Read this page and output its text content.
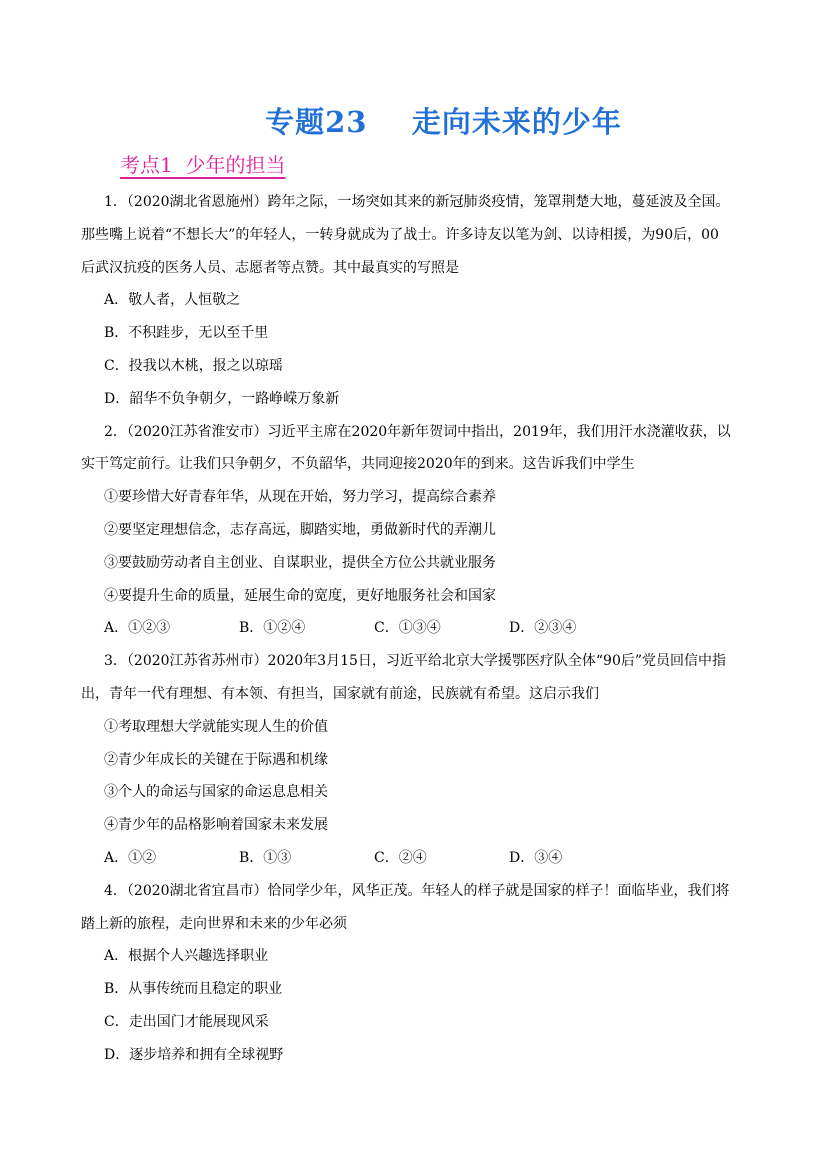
专题23    走向未来的少年
考点1  少年的担当
1．（2020湖北省恩施州）跨年之际，一场突如其来的新冠肺炎疫情，笼罩荆楚大地，蔓延波及全国。
那些嘴上说着“不想长大”的年轻人，一转身就成为了战士。许多诗友以笔为剑、以诗相援，为90后，00
后武汉抗疫的医务人员、志愿者等点赞。其中最真实的写照是
A．敬人者，人恒敬之
B．不积跬步，无以至千里
C．投我以木桃，报之以琼瑶
D．韶华不负争朝夕，一路峥嵘万象新
2．（2020江苏省淮安市）习近平主席在2020年新年贺词中指出，2019年，我们用汗水浇灌收获，以
实干笃定前行。让我们只争朝夕，不负韶华，共同迎接2020年的到来。这告诉我们中学生
①要珍惜大好青春年华，从现在开始，努力学习，提高综合素养
②要坚定理想信念，志存高远，脚踏实地，勇做新时代的弄潮儿
③要鼓励劳动者自主创业、自谋职业，提供全方位公共就业服务
④要提升生命的质量，延展生命的宽度，更好地服务社会和国家
A．①②③	B．①②④	C．①③④	D．②③④
3．（2020江苏省苏州市）2020年3月15日，习近平给北京大学援鄂医疗队全体“90后”党员回信中指
出，青年一代有理想、有本领、有担当，国家就有前途，民族就有希望。这启示我们
①考取理想大学就能实现人生的价值
②青少年成长的关键在于际遇和机缘
③个人的命运与国家的命运息息相关
④青少年的品格影响着国家未来发展
A．①②	B．①③	C．②④	D．③④
4．（2020湖北省宜昌市）恰同学少年，风华正茂。年轻人的样子就是国家的样子！面临毕业，我们将
踏上新的旅程，走向世界和未来的少年必须
A．根据个人兴趣选择职业
B．从事传统而且稳定的职业
C．走出国门才能展现风采
D．逐步培养和拥有全球视野
